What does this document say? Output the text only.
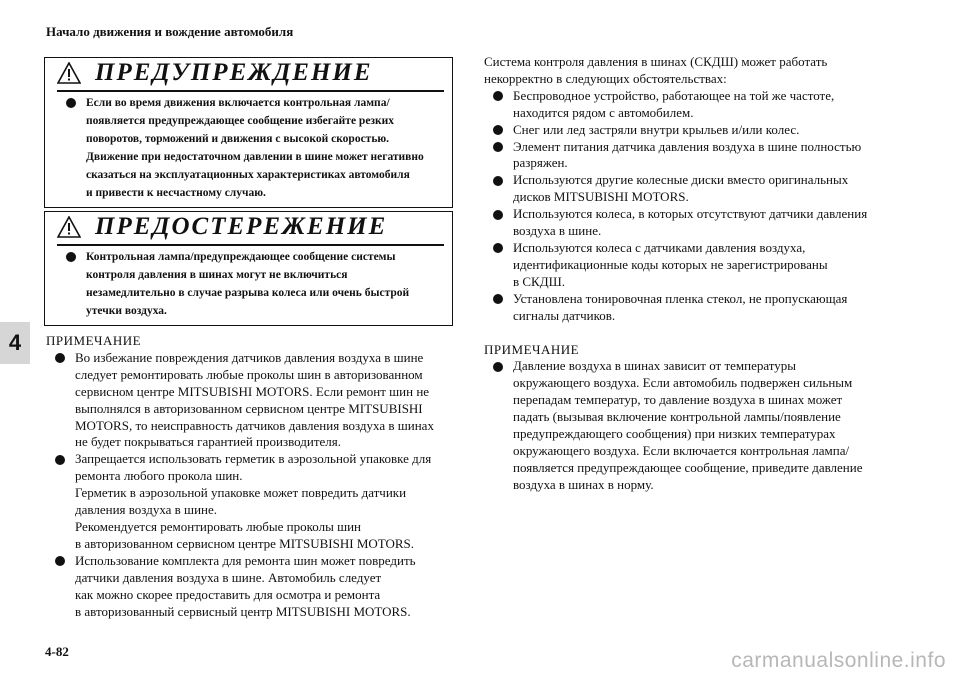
Начало движения и вождение автомобиля
4
ПРЕДУПРЕЖДЕНИЕ
Если во время движения включается контрольная лампа/
появляется предупреждающее сообщение избегайте резких
поворотов, торможений и движения с высокой скоростью.
Движение при недостаточном давлении в шине может негативно
сказаться на эксплуатационных характеристиках автомобиля
и привести к несчастному случаю.
ПРЕДОСТЕРЕЖЕНИЕ
Контрольная лампа/предупреждающее сообщение системы
контроля давления в шинах могут не включиться
незамедлительно в случае разрыва колеса или очень быстрой
утечки воздуха.
ПРИМЕЧАНИЕ
Во избежание повреждения датчиков давления воздуха в шине
следует ремонтировать любые проколы шин в авторизованном
сервисном центре MITSUBISHI MOTORS. Если ремонт шин не
выполнялся в авторизованном сервисном центре MITSUBISHI
MOTORS, то неисправность датчиков давления воздуха в шинах
не будет покрываться гарантией производителя.
Запрещается использовать герметик в аэрозольной упаковке для
ремонта любого прокола шин.
Герметик в аэрозольной упаковке может повредить датчики
давления воздуха в шине.
Рекомендуется ремонтировать любые проколы шин
в авторизованном сервисном центре MITSUBISHI MOTORS.
Использование комплекта для ремонта шин может повредить
датчики давления воздуха в шине. Автомобиль следует
как можно скорее предоставить для осмотра и ремонта
в авторизованный сервисный центр MITSUBISHI MOTORS.
Система контроля давления в шинах (СКДШ) может работать
некорректно в следующих обстоятельствах:
Беспроводное устройство, работающее на той же частоте,
находится рядом с автомобилем.
Снег или лед застряли внутри крыльев и/или колес.
Элемент питания датчика давления воздуха в шине полностью
разряжен.
Используются другие колесные диски вместо оригинальных
дисков MITSUBISHI MOTORS.
Используются колеса, в которых отсутствуют датчики давления
воздуха в шине.
Используются колеса с датчиками давления воздуха,
идентификационные коды которых не зарегистрированы
в СКДШ.
Установлена тонировочная пленка стекол, не пропускающая
сигналы датчиков.
ПРИМЕЧАНИЕ
Давление воздуха в шинах зависит от температуры
окружающего воздуха. Если автомобиль подвержен сильным
перепадам температур, то давление воздуха в шинах может
падать (вызывая включение контрольной лампы/появление
предупреждающего сообщения) при низких температурах
окружающего воздуха. Если включается контрольная лампа/
появляется предупреждающее сообщение, приведите давление
воздуха в шинах в норму.
4-82	carmanualsonline.info
